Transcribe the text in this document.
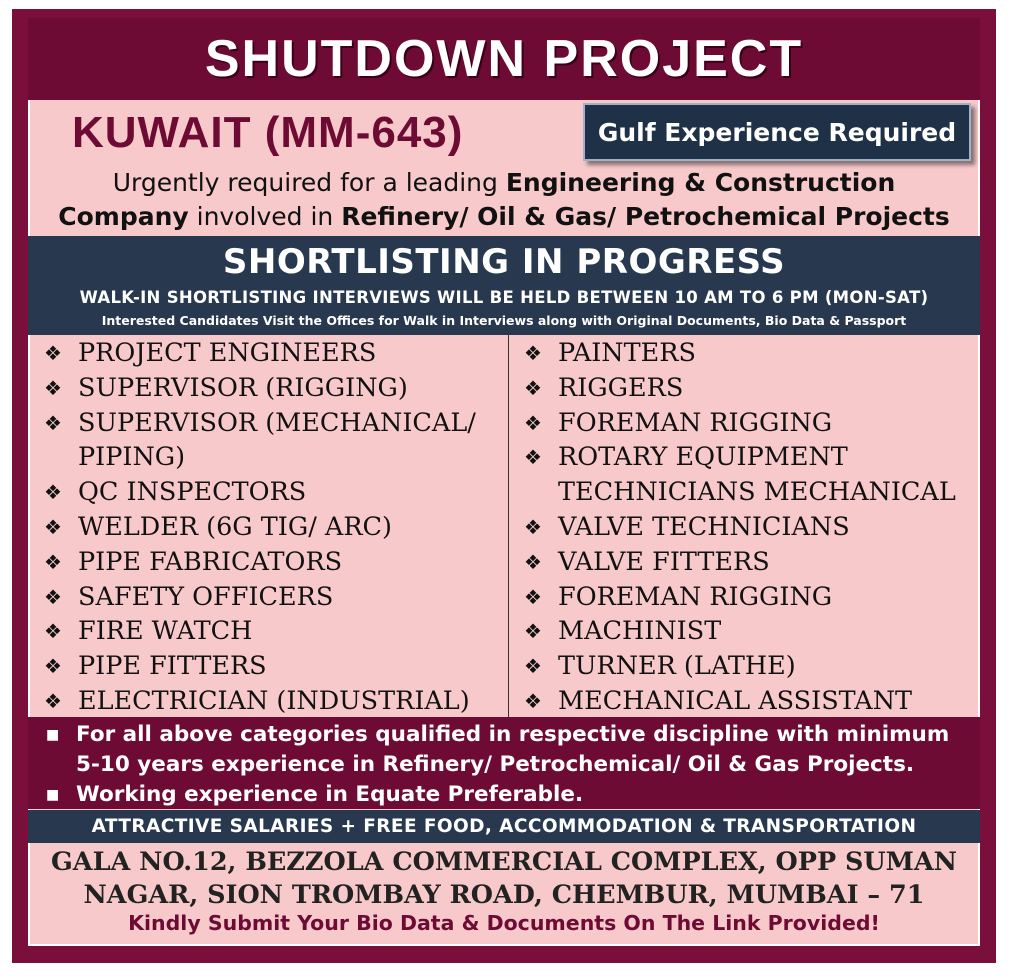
SHUTDOWN PROJECT
KUWAIT (MM-643)	Gulf Experience Required
Urgently required for a leading Engineering & Construction
Company involved in Refinery/ Oil & Gas/ Petrochemical Projects
SHORTLISTING IN PROGRESS
WALK-IN SHORTLISTING INTERVIEWS WILL BE HELD BETWEEN 10 AM TO 6 PM (MON-SAT)
Interested Candidates Visit the Offices for Walk in Interviews along with Original Documents, Bio Data & Passport
❖ PROJECT ENGINEERS
❖ SUPERVISOR (RIGGING)
❖ SUPERVISOR (MECHANICAL/
PIPING)
❖ QC INSPECTORS
❖ WELDER (6G TIG/ ARC)
❖ PIPE FABRICATORS
❖ SAFETY OFFICERS
❖ FIRE WATCH
❖ PIPE FITTERS
❖ ELECTRICIAN (INDUSTRIAL)
❖ PAINTERS
❖ RIGGERS
❖ FOREMAN RIGGING
❖ ROTARY EQUIPMENT
TECHNICIANS MECHANICAL
❖ VALVE TECHNICIANS
❖ VALVE FITTERS
❖ FOREMAN RIGGING
❖ MACHINIST
❖ TURNER (LATHE)
❖ MECHANICAL ASSISTANT
■ For all above categories qualified in respective discipline with minimum
5-10 years experience in Refinery/ Petrochemical/ Oil & Gas Projects.
■ Working experience in Equate Preferable.
ATTRACTIVE SALARIES + FREE FOOD, ACCOMMODATION & TRANSPORTATION
GALA NO.12, BEZZOLA COMMERCIAL COMPLEX, OPP SUMAN
NAGAR, SION TROMBAY ROAD, CHEMBUR, MUMBAI – 71
Kindly Submit Your Bio Data & Documents On The Link Provided!
